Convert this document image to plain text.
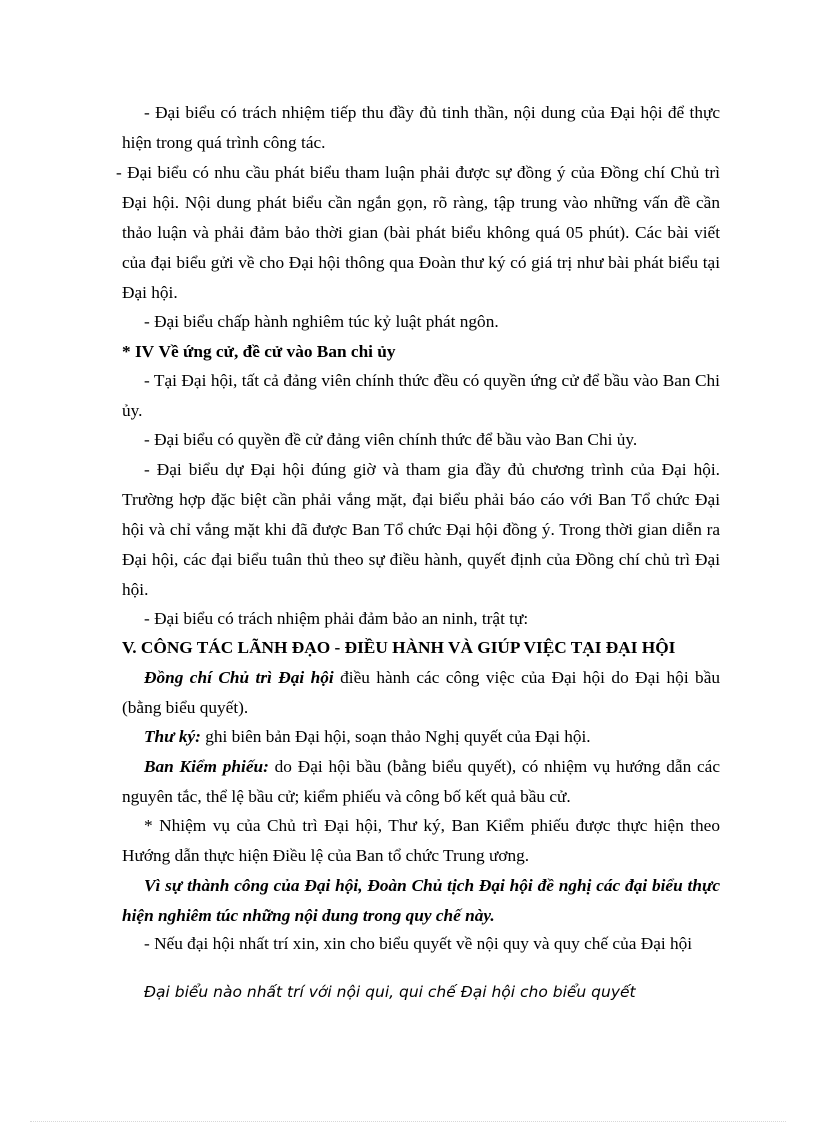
- Đại biểu có trách nhiệm tiếp thu đầy đủ tinh thần, nội dung của Đại hội để thực hiện trong quá trình công tác.

- Đại biểu có nhu cầu phát biểu tham luận phải được sự đồng ý của Đồng chí Chủ trì Đại hội. Nội dung phát biểu cần ngắn gọn, rõ ràng, tập trung vào những vấn đề cần thảo luận và phải đảm bảo thời gian (bài phát biểu không quá 05 phút). Các bài viết của đại biểu gửi về cho Đại hội thông qua Đoàn thư ký có giá trị như bài phát biểu tại Đại hội.

- Đại biểu chấp hành nghiêm túc kỷ luật phát ngôn.

* IV Về ứng cử, đề cử vào Ban chi ủy

- Tại Đại hội, tất cả đảng viên chính thức đều có quyền ứng cử để bầu vào Ban Chi ủy.

- Đại biểu có quyền đề cử đảng viên chính thức để bầu vào Ban Chi ủy.

- Đại biểu dự Đại hội đúng giờ và tham gia đầy đủ chương trình của Đại hội. Trường hợp đặc biệt cần phải vắng mặt, đại biểu phải báo cáo với Ban Tổ chức Đại hội và chỉ vắng mặt khi đã được Ban Tổ chức Đại hội đồng ý. Trong thời gian diễn ra Đại hội, các đại biểu tuân thủ theo sự điều hành, quyết định của Đồng chí chủ trì Đại hội.

- Đại biểu có trách nhiệm phải đảm bảo an ninh, trật tự:

V. CÔNG TÁC LÃNH ĐẠO - ĐIỀU HÀNH VÀ GIÚP VIỆC TẠI ĐẠI HỘI

Đồng chí Chủ trì Đại hội điều hành các công việc của Đại hội do Đại hội bầu (bằng biểu quyết).

Thư ký: ghi biên bản Đại hội, soạn thảo Nghị quyết của Đại hội.

Ban Kiểm phiếu: do Đại hội bầu (bằng biểu quyết), có nhiệm vụ hướng dẫn các nguyên tắc, thể lệ bầu cử; kiểm phiếu và công bố kết quả bầu cử.

* Nhiệm vụ của Chủ trì Đại hội, Thư ký, Ban Kiểm phiếu được thực hiện theo Hướng dẫn thực hiện Điều lệ của Ban tổ chức Trung ương.

Vì sự thành công của Đại hội, Đoàn Chủ tịch Đại hội đề nghị các đại biểu thực hiện nghiêm túc những nội dung trong quy chế này.

- Nếu đại hội nhất trí xin, xin cho biểu quyết về nội quy và quy chế của Đại hội

Đại biểu nào nhất trí với nội qui, qui chế Đại hội cho biểu quyết
